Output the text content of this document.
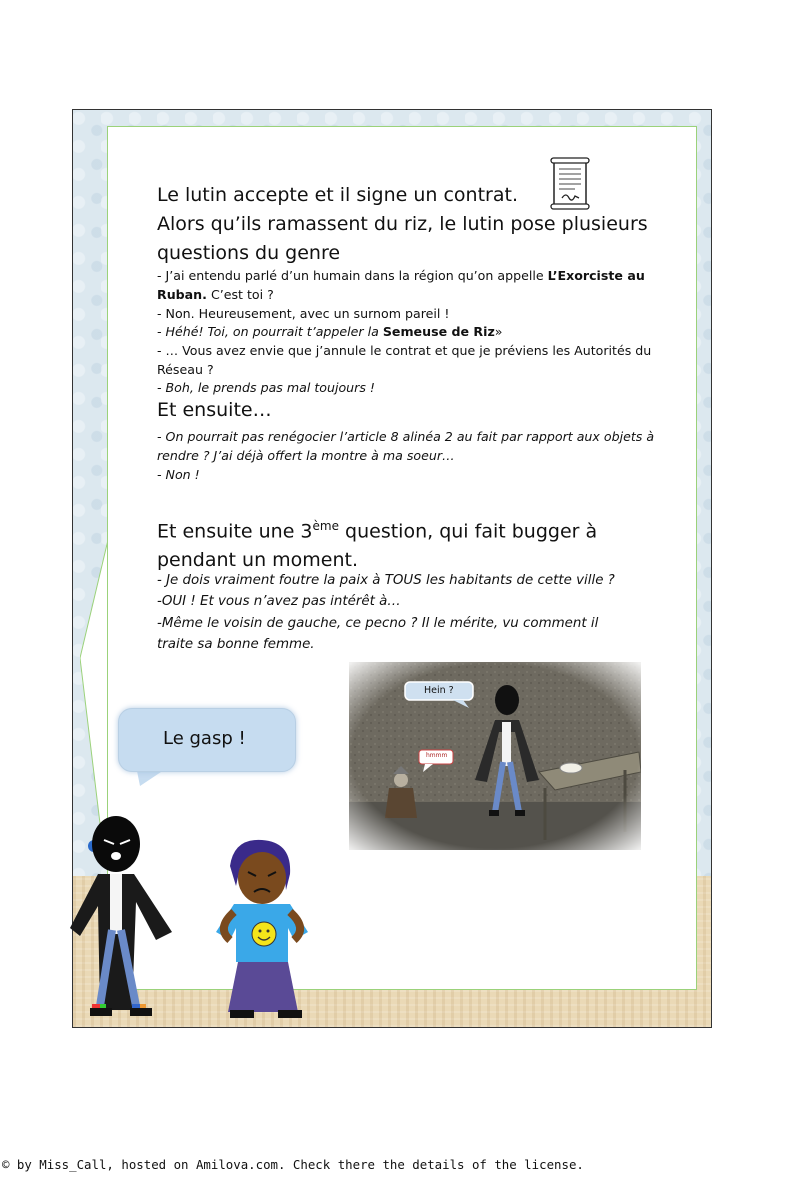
Le lutin accepte et il signe un contrat.
Alors qu’ils ramassent du riz, le lutin pose plusieurs questions du genre
- J’ai entendu parlé d’un humain dans la région qu’on appelle L’Exorciste au Ruban. C’est toi ?
- Non. Heureusement, avec un surnom pareil !
- Héhé! Toi, on pourrait t’appeler la Semeuse de Riz»
- … Vous avez envie que j’annule le contrat et que je préviens les Autorités du Réseau ?
- Boh, le prends pas mal toujours !
Et ensuite…
- On pourrait pas renégocier l’article 8 alinéa 2 au fait par rapport aux objets à rendre ? J’ai déjà offert la montre à ma soeur…
- Non !
Et ensuite une 3ème question, qui fait bugger à pendant un moment.
- Je dois vraiment foutre la paix à TOUS les habitants de cette ville ?
-OUI ! Et vous n’avez pas intérêt à…
-Même le voisin de gauche, ce pecno ? Il le mérite, vu comment il traite sa bonne femme.
Hein ?
hmmm
Le gasp !
© by Miss_Call, hosted on Amilova.com. Check there the details of the license.
